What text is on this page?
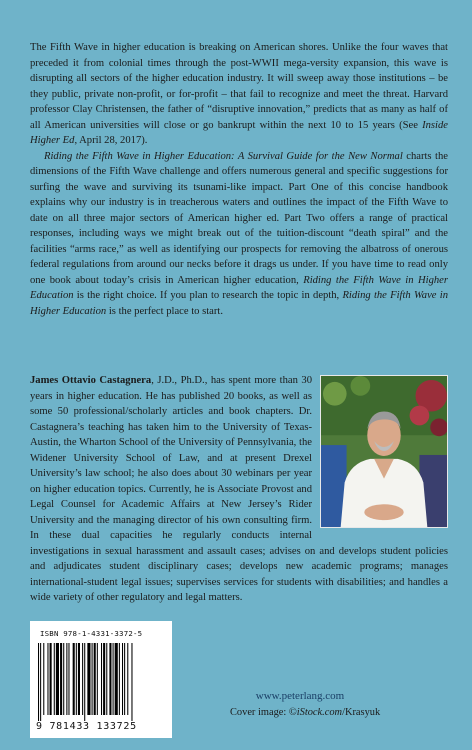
The Fifth Wave in higher education is breaking on American shores. Unlike the four waves that preceded it from colonial times through the post-WWII mega-versity expansion, this wave is disrupting all sectors of the higher education industry. It will sweep away those institutions – be they public, private non-profit, or for-profit – that fail to recognize and meet the threat. Harvard professor Clay Christensen, the father of “disruptive innovation,” predicts that as many as half of all American universities will close or go bankrupt within the next 10 to 15 years (See Inside Higher Ed, April 28, 2017).

Riding the Fifth Wave in Higher Education: A Survival Guide for the New Normal charts the dimensions of the Fifth Wave challenge and offers numerous general and specific suggestions for surfing the wave and surviving its tsunami-like impact. Part One of this concise handbook explains why our industry is in treacherous waters and outlines the impact of the Fifth Wave to date on all three major sectors of American higher ed. Part Two offers a range of practical responses, including ways we might break out of the tuition-discount “death spiral” and the facilities “arms race,” as well as identifying our prospects for removing the albatross of onerous federal regulations from around our necks before it drags us under. If you have time to read only one book about today’s crisis in American higher education, Riding the Fifth Wave in Higher Education is the right choice. If you plan to research the topic in depth, Riding the Fifth Wave in Higher Education is the perfect place to start.

James Ottavio Castagnera, J.D., Ph.D., has spent more than 30 years in higher education. He has published 20 books, as well as some 50 professional/scholarly articles and book chapters. Dr. Castagnera’s teaching has taken him to the University of Texas-Austin, the Wharton School of the University of Pennsylvania, the Widener University School of Law, and at present Drexel University’s law school; he also does about 30 webinars per year on higher education topics. Currently, he is Associate Provost and Legal Counsel for Academic Affairs at New Jersey’s Rider University and the managing director of his own consulting firm. In these dual capacities he regularly conducts internal investigations in sexual harassment and assault cases; advises on and develops student policies and adjudicates student disciplinary cases; develops new academic programs; manages international-student legal issues; supervises services for students with disabilities; and handles a wide variety of other regulatory and legal matters.

ISBN 978-1-4331-3372-5
9 781433 133725
www.peterlang.com
Cover image: ©iStock.com/Krasyuk
